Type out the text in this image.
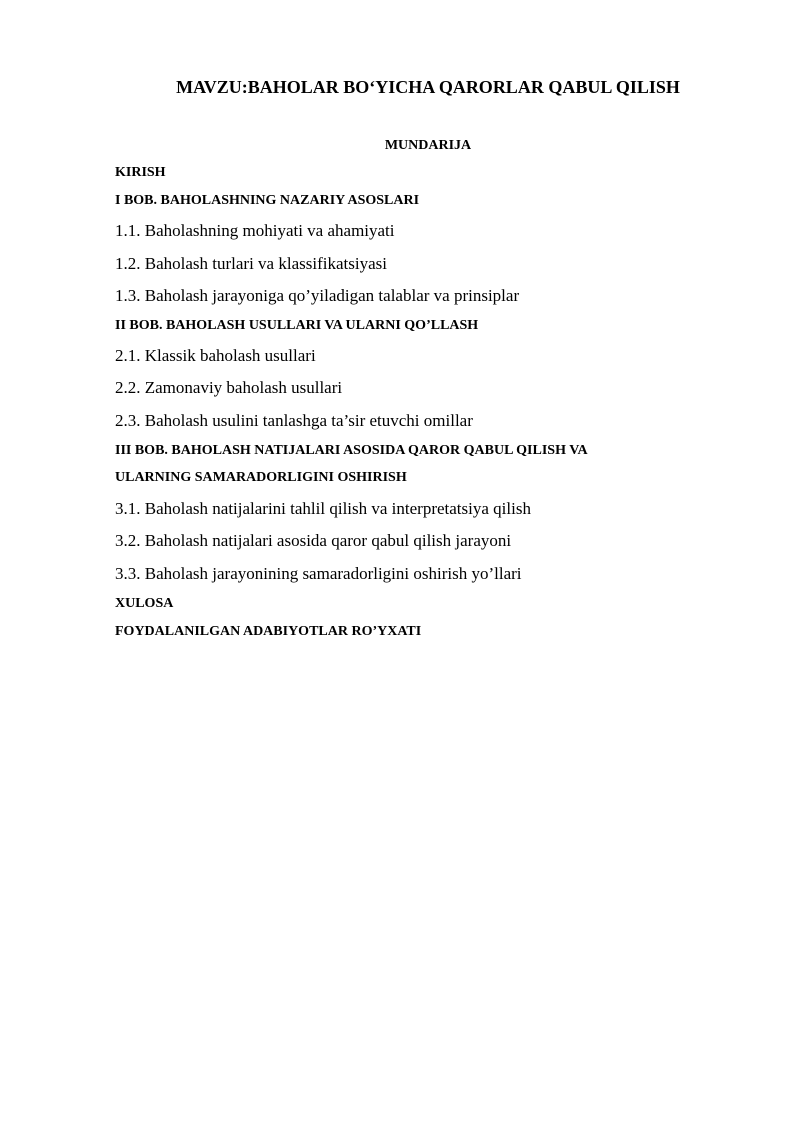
MAVZU:BAHOLAR BO‘YICHA QARORLAR QABUL QILISH
MUNDARIJA
KIRISH
I BOB. BAHOLASHNING NAZARIY ASOSLARI
1.1. Baholashning mohiyati va ahamiyati
1.2. Baholash turlari va klassifikatsiyasi
1.3. Baholash jarayoniga qo’yiladigan talablar va prinsiplar
II BOB. BAHOLASH USULLARI VA ULARNI QO’LLASH
2.1. Klassik baholash usullari
2.2. Zamonaviy baholash usullari
2.3. Baholash usulini tanlashga ta’sir etuvchi omillar
III BOB. BAHOLASH NATIJALARI ASOSIDA QAROR QABUL QILISH VA
ULARNING SAMARADORLIGINI OSHIRISH
3.1. Baholash natijalarini tahlil qilish va interpretatsiya qilish
3.2. Baholash natijalari asosida qaror qabul qilish jarayoni
3.3. Baholash jarayonining samaradorligini oshirish yo’llari
XULOSA
FOYDALANILGAN ADABIYOTLAR RO’YXATI
